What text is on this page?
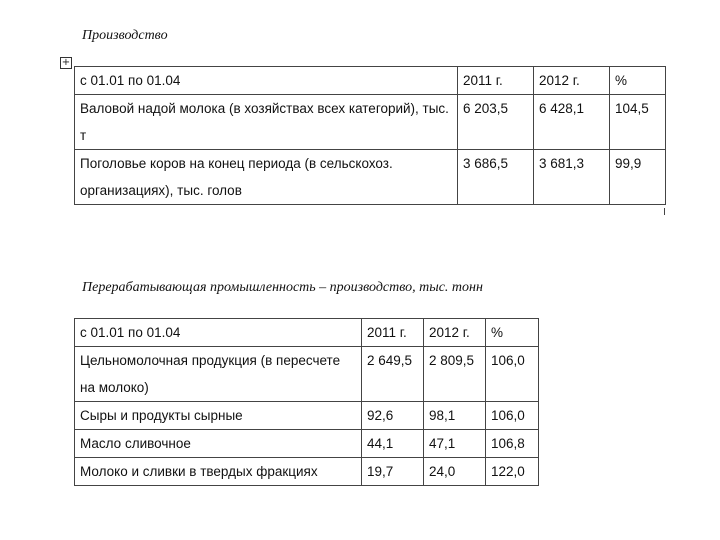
Производство
+
с 01.01 по 01.04	2011 г.	2012 г.	%
Валовой надой молока (в хозяйствах всех категорий), тыс. т	6 203,5	6 428,1	104,5
Поголовье коров на конец периода (в сельскохоз. организациях), тыс. голов	3 686,5	3 681,3	99,9
Перерабатывающая промышленность – производство, тыс. тонн
с 01.01 по 01.04	2011 г.	2012 г.	%
Цельномолочная продукция (в пересчете на молоко)	2 649,5	2 809,5	106,0
Сыры и продукты сырные	92,6	98,1	106,0
Масло сливочное	44,1	47,1	106,8
Молоко и сливки в твердых фракциях	19,7	24,0	122,0
